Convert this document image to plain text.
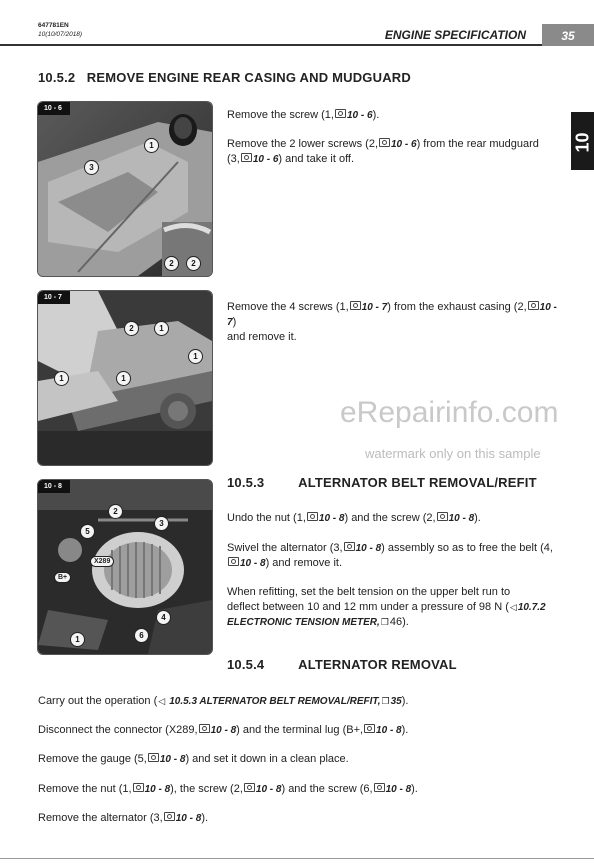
647781EN
10(10/07/2018)	ENGINE SPECIFICATION	35
10
10.5.2 REMOVE ENGINE REAR CASING AND MUDGUARD
10 - 6
1
3
2	2
Remove the screw (1, 10 - 6).
Remove the 2 lower screws (2, 10 - 6) from the rear mudguard
(3, 10 - 6) and take it off.
10 - 7
2	1
1
1	1
Remove the 4 screws (1, 10 - 7) from the exhaust casing (2, 10 - 7)
and remove it.
eRepairinfo.com
watermark only on this sample
10 - 8
2
3
5
X289
B+
4
6
1
10.5.3	ALTERNATOR BELT REMOVAL/REFIT
Undo the nut (1, 10 - 8) and the screw (2, 10 - 8).
Swivel the alternator (3, 10 - 8) assembly so as to free the belt (4,
10 - 8) and remove it.
When refitting, set the belt tension on the upper belt run to
deflect between 10 and 12 mm under a pressure of 98 N (◁10.7.2
ELECTRONIC TENSION METER,❐46).
10.5.4	ALTERNATOR REMOVAL
Carry out the operation (◁ 10.5.3 ALTERNATOR BELT REMOVAL/REFIT,❐35).
Disconnect the connector (X289, 10 - 8) and the terminal lug (B+, 10 - 8).
Remove the gauge (5, 10 - 8) and set it down in a clean place.
Remove the nut (1, 10 - 8), the screw (2, 10 - 8) and the screw (6, 10 - 8).
Remove the alternator (3, 10 - 8).
